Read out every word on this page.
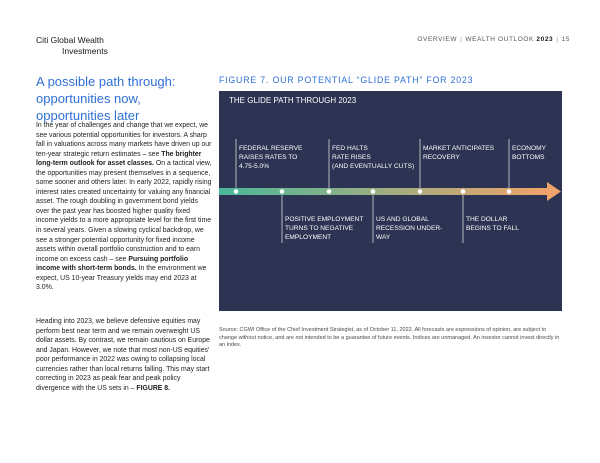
Citi Global Wealth
Investments
OVERVIEW | WEALTH OUTLOOK 2023 | 15
A possible path through: opportunities now, opportunities later
In the year of challenges and change that we expect, we see various potential opportunities for investors. A sharp fall in valuations across many markets have driven up our ten-year strategic return estimates – see The brighter long-term outlook for asset classes. On a tactical view, the opportunities may present themselves in a sequence, some sooner and others later. In early 2022, rapidly rising interest rates created uncertainty for valuing any financial asset. The rough doubling in government bond yields over the past year has boosted higher quality fixed income yields to a more appropriate level for the first time in several years. Given a slowing cyclical backdrop, we see a stronger potential opportunity for fixed income assets within overall portfolio construction and to earn income on excess cash – see Pursuing portfolio income with short-term bonds. In the environment we expect, US 10-year Treasury yields may end 2023 at 3.0%.
Heading into 2023, we believe defensive equities may perform best near term and we remain overweight US dollar assets. By contrast, we remain cautious on Europe and Japan. However, we note that most non-US equities' poor performance in 2022 was owing to collapsing local currencies rather than local returns falling. This may start correcting in 2023 as peak fear and peak policy divergence with the US sets in – FIGURE 8.
FIGURE 7. OUR POTENTIAL “GLIDE PATH” FOR 2023
THE GLIDE PATH THROUGH 2023
FEDERAL RESERVE
RAISES RATES TO
4.75-5.0%
FED HALTS
RATE RISES
(AND EVENTUALLY CUTS)
MARKET ANTICIPATES
RECOVERY
ECONOMY
BOTTOMS
POSITIVE EMPLOYMENT
TURNS TO NEGATIVE
EMPLOYMENT
US AND GLOBAL
RECESSION UNDER-
WAY
THE DOLLAR
BEGINS TO FALL
Source: CGWI Office of the Chief Investment Strategist, as of October 11, 2022. All forecasts are expressions of opinion, are subject to change without notice, and are not intended to be a guarantee of future events. Indices are unmanaged. An investor cannot invest directly in an index.
